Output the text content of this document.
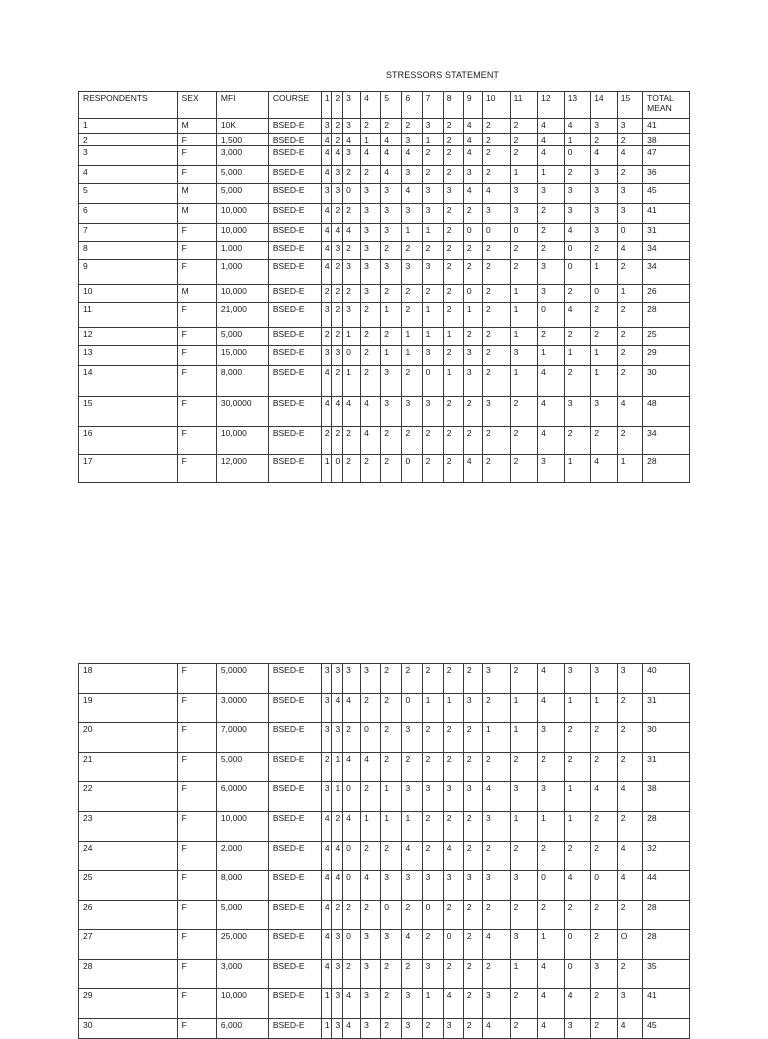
STRESSORS STATEMENT
RESPONDENTS	SEX	MFI	COURSE	1	2	3	4	5	6	7	8	9	10	11	12	13	14	15	TOTAL MEAN
1	M	10K	BSED-E	3	2	3	2	2	2	3	2	4	2	2	4	4	3	3	41
2	F	1,500	BSED-E	4	2	4	1	4	3	1	2	4	2	2	4	1	2	2	38
3	F	3,000	BSED-E	4	4	3	4	4	4	2	2	4	2	2	4	0	4	4	47
4	F	5,000	BSED-E	4	3	2	2	4	3	2	2	3	2	1	1	2	3	2	36
5	M	5,000	BSED-E	3	3	0	3	3	4	3	3	4	4	3	3	3	3	3	45
6	M	10,000	BSED-E	4	2	2	3	3	3	3	2	2	3	3	2	3	3	3	41
7	F	10,000	BSED-E	4	4	4	3	3	1	1	2	0	0	0	2	4	3	0	31
8	F	1,000	BSED-E	4	3	2	3	2	2	2	2	2	2	2	2	0	2	4	34
9	F	1,000	BSED-E	4	2	3	3	3	3	3	2	2	2	2	3	0	1	2	34
10	M	10,000	BSED-E	2	2	2	3	2	2	2	2	0	2	1	3	2	0	1	26
11	F	21,000	BSED-E	3	2	3	2	1	2	1	2	1	2	1	0	4	2	2	28
12	F	5,000	BSED-E	2	2	1	2	2	1	1	1	2	2	1	2	2	2	2	25
13	F	15,000	BSED-E	3	3	0	2	1	1	3	2	3	2	3	1	1	1	2	29
14	F	8,000	BSED-E	4	2	1	2	3	2	0	1	3	2	1	4	2	1	2	30
15	F	30,0000	BSED-E	4	4	4	4	3	3	3	2	2	3	2	4	3	3	4	48
16	F	10,000	BSED-E	2	2	2	4	2	2	2	2	2	2	2	4	2	2	2	34
17	F	12,000	BSED-E	1	0	2	2	2	0	2	2	4	2	2	3	1	4	1	28
18	F	5,0000	BSED-E	3	3	3	3	2	2	2	2	2	3	2	4	3	3	3	40
19	F	3,0000	BSED-E	3	4	4	2	2	0	1	1	3	2	1	4	1	1	2	31
20	F	7,0000	BSED-E	3	3	2	0	2	3	2	2	2	1	1	3	2	2	2	30
21	F	5,000	BSED-E	2	1	4	4	2	2	2	2	2	2	2	2	2	2	2	31
22	F	6,0000	BSED-E	3	1	0	2	1	3	3	3	3	4	3	3	1	4	4	38
23	F	10,000	BSED-E	4	2	4	1	1	1	2	2	2	3	1	1	1	2	2	28
24	F	2,000	BSED-E	4	4	0	2	2	4	2	4	2	2	2	2	2	2	4	32
25	F	8,000	BSED-E	4	4	0	4	3	3	3	3	3	3	3	0	4	0	4	44
26	F	5,000	BSED-E	4	2	2	2	0	2	0	2	2	2	2	2	2	2	2	28
27	F	25,000	BSED-E	4	3	0	3	3	4	2	0	2	4	3	1	0	2	O	28
28	F	3,000	BSED-E	4	3	2	3	2	2	3	2	2	2	1	4	0	3	2	35
29	F	10,000	BSED-E	1	3	4	3	2	3	1	4	2	3	2	4	4	2	3	41
30	F	6,000	BSED-E	1	3	4	3	2	3	2	3	2	4	2	4	3	2	4	45
